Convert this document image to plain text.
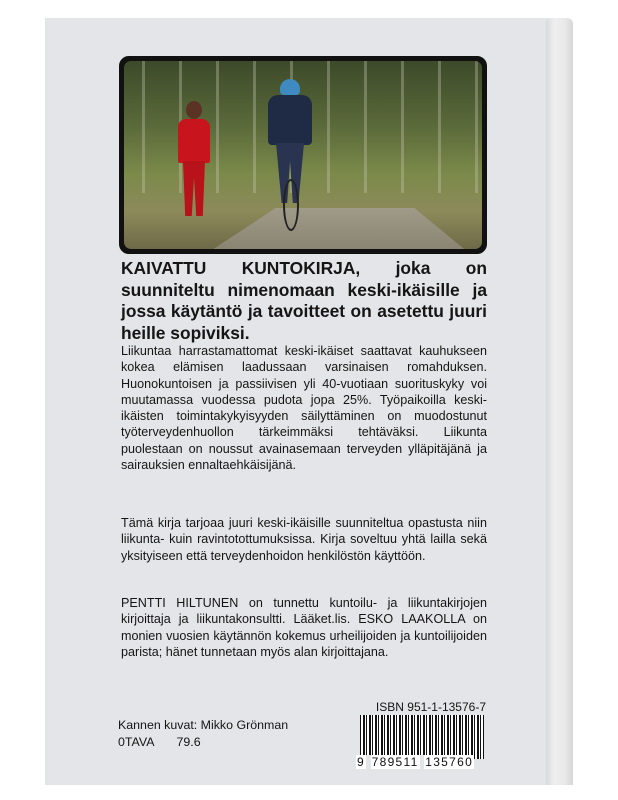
KAIVATTU KUNTOKIRJA, joka on suunniteltu nimenomaan keski-ikäisille ja jossa käytäntö ja tavoitteet on asetettu juuri heille sopiviksi.
Liikuntaa harrastamattomat keski-ikäiset saattavat kauhukseen kokea elämisen laadussaan varsinaisen romahduksen. Huonokuntoisen ja passiivisen yli 40-vuotiaan suorituskyky voi muutamassa vuodessa pudota jopa 25%. Työpaikoilla keski-ikäisten toimintakykyisyyden säilyttäminen on muodostunut työterveydenhuollon tärkeimmäksi tehtäväksi. Liikunta puolestaan on noussut avainasemaan terveyden ylläpitäjänä ja sairauksien ennaltaehkäisijänä.
Tämä kirja tarjoaa juuri keski-ikäisille suunniteltua opastusta niin liikunta- kuin ravintotottumuksissa. Kirja soveltuu yhtä lailla sekä yksityiseen että terveydenhoidon henkilöstön käyttöön.
PENTTI HILTUNEN on tunnettu kuntoilu- ja liikuntakirjojen kirjoittaja ja liikuntakonsultti. Lääket.lis. ESKO LAAKOLLA on monien vuosien käytännön kokemus urheilijoiden ja kuntoilijoiden parista; hänet tunnetaan myös alan kirjoittajana.
Kannen kuvat: Mikko Grönman
0TAVA 79.6
ISBN 951-1-13576-7
9 789511 135760
